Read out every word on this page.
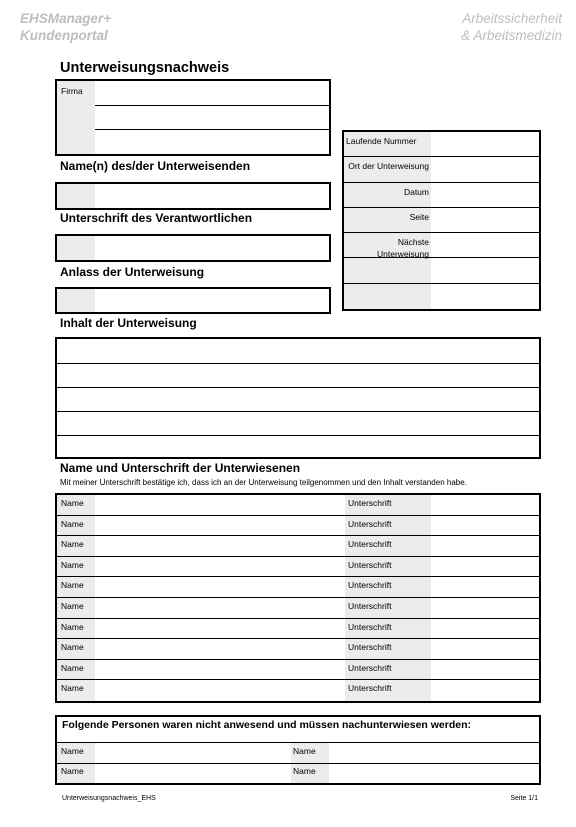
EHSManager+
Kundenportal
Arbeitssicherheit
& Arbeitsmedizin
Unterweisungsnachweis
Firma
Laufende Nummer
Ort der Unterweisung
Datum
Seite
Nächste Unterweisung
Name(n) des/der Unterweisenden
Unterschrift des Verantwortlichen
Anlass der Unterweisung
Inhalt der Unterweisung
Name und Unterschrift der Unterwiesenen
Mit meiner Unterschrift bestätige ich, dass ich an der Unterweisung teilgenommen und den Inhalt verstanden habe.
Name	Unterschrift
Name	Unterschrift
Name	Unterschrift
Name	Unterschrift
Name	Unterschrift
Name	Unterschrift
Name	Unterschrift
Name	Unterschrift
Name	Unterschrift
Name	Unterschrift
Folgende Personen waren nicht anwesend und müssen nachunterwiesen werden:
Name	Name
Name	Name
Unterweisungsnachweis_EHS	Seite 1/1
